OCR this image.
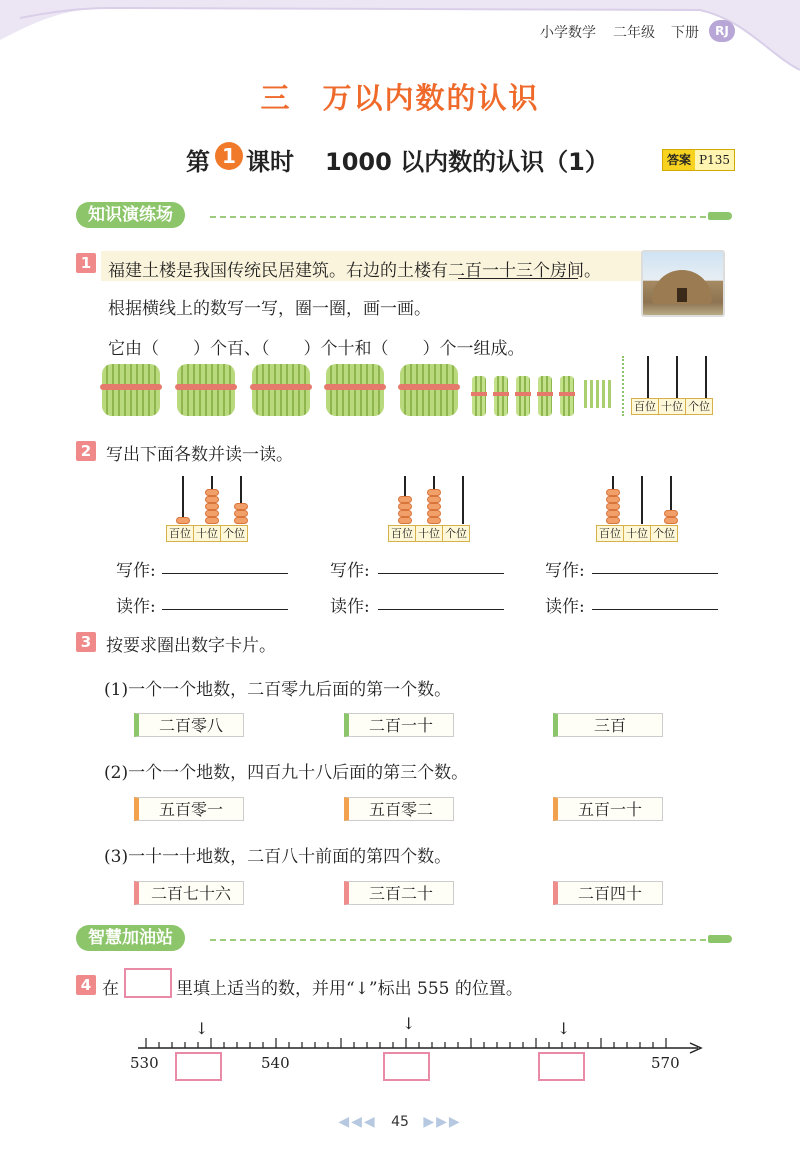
小学数学 二年级 下册	RJ
三　万以内数的认识
第 1 课时 1000 以内数的认识（1）	答案 P135
知识演练场
1 福建土楼是我国传统民居建筑。右边的土楼有二百一十三个房间。
根据横线上的数写一写，圈一圈，画一画。
它由（　　）个百、（　　）个十和（　　）个一组成。
百位 十位 个位
2 写出下面各数并读一读。
百位 十位 个位	百位 十位 个位	百位 十位 个位
写作:
读作:
写作:
读作:
写作:
读作:
3 按要求圈出数字卡片。
(1)一个一个地数，二百零九后面的第一个数。
二百零八	二百一十	三百
(2)一个一个地数，四百九十八后面的第三个数。
五百零一	五百零二	五百一十
(3)一十一十地数，二百八十前面的第四个数。
二百七十六	三百二十	二百四十
智慧加油站
4 在	里填上适当的数，并用“↓”标出 555 的位置。
↓	↓	↓
530	540	570
◀◀◀ 45 ▶▶▶
